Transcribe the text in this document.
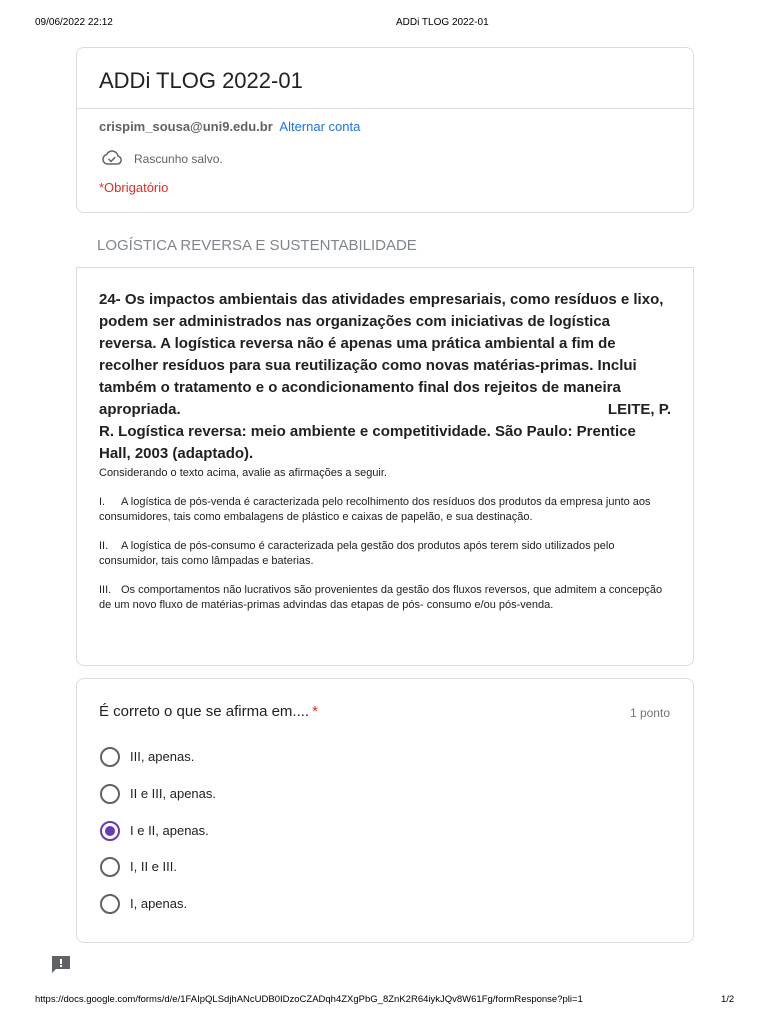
09/06/2022 22:12	ADDi TLOG 2022-01
ADDi TLOG 2022-01
crispim_sousa@uni9.edu.br Alternar conta
Rascunho salvo.
*Obrigatório
LOGÍSTICA REVERSA E SUSTENTABILIDADE

24- Os impactos ambientais das atividades empresariais, como resíduos e lixo, podem ser administrados nas organizações com iniciativas de logística reversa. A logística reversa não é apenas uma prática ambiental a fim de recolher resíduos para sua reutilização como novas matérias-primas. Inclui também o tratamento e o acondicionamento final dos rejeitos de maneira
apropriada.	LEITE, P.
R. Logística reversa: meio ambiente e competitividade. São Paulo: Prentice Hall, 2003 (adaptado).

Considerando o texto acima, avalie as afirmações a seguir.

I. A logística de pós-venda é caracterizada pelo recolhimento dos resíduos dos produtos da empresa junto aos consumidores, tais como embalagens de plástico e caixas de papelão, e sua destinação.

II. A logística de pós-consumo é caracterizada pela gestão dos produtos após terem sido utilizados pelo consumidor, tais como lâmpadas e baterias.

III. Os comportamentos não lucrativos são provenientes da gestão dos fluxos reversos, que admitem a concepção de um novo fluxo de matérias-primas advindas das etapas de pós- consumo e/ou pós-venda.

É correto o que se afirma em.... *	1 ponto
III, apenas.
II e III, apenas.
I e II, apenas.
I, II e III.
I, apenas.
https://docs.google.com/forms/d/e/1FAIpQLSdjhANcUDB0IDzoCZADqh4ZXgPbG_8ZnK2R64iykJQv8W61Fg/formResponse?pli=1	1/2
